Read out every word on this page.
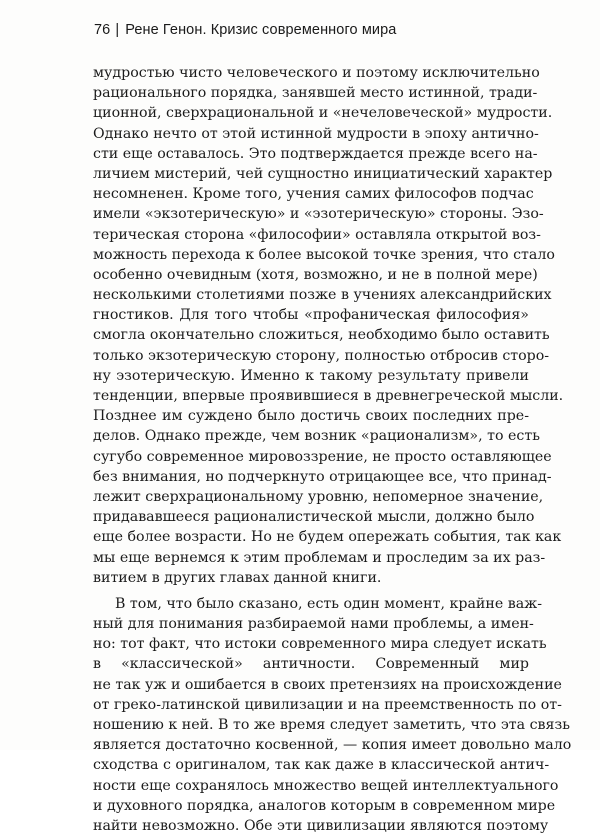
76 | Рене Генон. Кризис современного мира
мудростью чисто человеческого и поэтому исключительно
рационального порядка, занявшей место истинной, тради-
ционной, сверхрациональной и «нечеловеческой» мудрости.
Однако нечто от этой истинной мудрости в эпоху антично-
сти еще оставалось. Это подтверждается прежде всего на-
личием мистерий, чей сущностно инициатический характер
несомненен. Кроме того, учения самих философов подчас
имели «экзотерическую» и «эзотерическую» стороны. Эзо-
терическая сторона «философии» оставляла открытой воз-
можность перехода к более высокой точке зрения, что стало
особенно очевидным (хотя, возможно, и не в полной мере)
несколькими столетиями позже в учениях александрийских
гностиков. Для того чтобы «профаническая философия»
смогла окончательно сложиться, необходимо было оставить
только экзотерическую сторону, полностью отбросив сторо-
ну эзотерическую. Именно к такому результату привели
тенденции, впервые проявившиеся в древнегреческой мысли.
Позднее им суждено было достичь своих последних пре-
делов. Однако прежде, чем возник «рационализм», то есть
сугубо современное мировоззрение, не просто оставляющее
без внимания, но подчеркнуто отрицающее все, что принад-
лежит сверхрациональному уровню, непомерное значение,
придававшееся рационалистической мысли, должно было
еще более возрасти. Но не будем опережать события, так как
мы еще вернемся к этим проблемам и проследим за их раз-
витием в других главах данной книги.
В том, что было сказано, есть один момент, крайне важ-
ный для понимания разбираемой нами проблемы, а имен-
но: тот факт, что истоки современного мира следует искать
в «классической» античности. Современный мир
не так уж и ошибается в своих претензиях на происхождение
от греко-латинской цивилизации и на преемственность по от-
ношению к ней. В то же время следует заметить, что эта связь
является достаточно косвенной, — копия имеет довольно мало
сходства с оригиналом, так как даже в классической антич-
ности еще сохранялось множество вещей интеллектуального
и духовного порядка, аналогов которым в современном мире
найти невозможно. Обе эти цивилизации являются поэтому
